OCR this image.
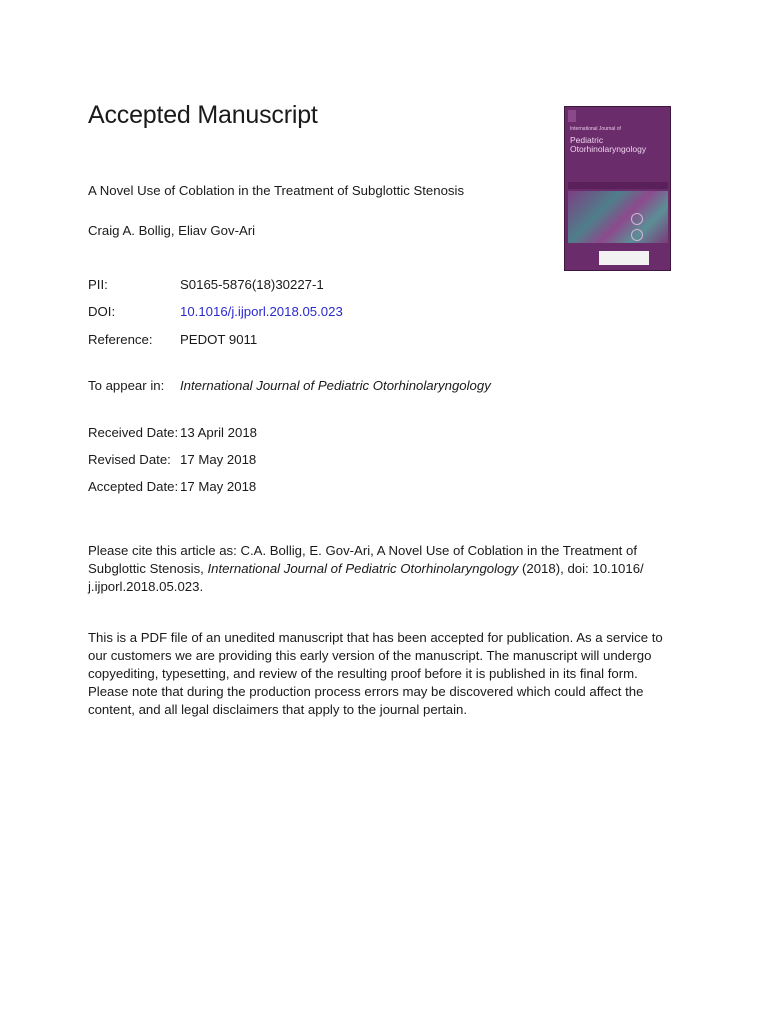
Accepted Manuscript	International Journal of
Pediatric Otorhinolaryngology
A Novel Use of Coblation in the Treatment of Subglottic Stenosis
Craig A. Bollig, Eliav Gov-Ari
PII:	S0165-5876(18)30227-1
DOI:	10.1016/j.ijporl.2018.05.023
Reference: PEDOT 9011
To appear in: International Journal of Pediatric Otorhinolaryngology
Received Date: 13 April 2018
Revised Date: 17 May 2018
Accepted Date: 17 May 2018
Please cite this article as: C.A. Bollig, E. Gov-Ari, A Novel Use of Coblation in the Treatment of Subglottic Stenosis, International Journal of Pediatric Otorhinolaryngology (2018), doi: 10.1016/ j.ijporl.2018.05.023.
This is a PDF file of an unedited manuscript that has been accepted for publication. As a service to our customers we are providing this early version of the manuscript. The manuscript will undergo copyediting, typesetting, and review of the resulting proof before it is published in its final form. Please note that during the production process errors may be discovered which could affect the content, and all legal disclaimers that apply to the journal pertain.
